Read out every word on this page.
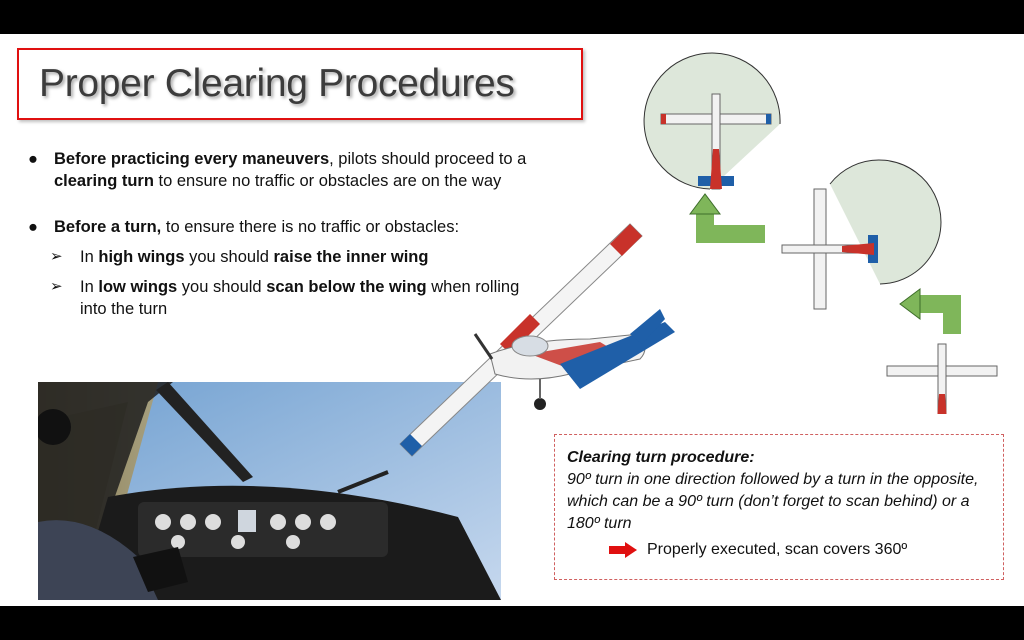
Proper Clearing Procedures
● Before practicing every maneuvers, pilots should proceed to a clearing turn to ensure no traffic or obstacles are on the way
● Before a turn, to ensure there is no traffic or obstacles:
➢ In high wings you should raise the inner wing
➢ In low wings you should scan below the wing when rolling into the turn
Clearing turn procedure:
90º turn in one direction followed by a turn in the opposite, which can be a 90º turn (don’t forget to scan behind) or a 180º turn
Properly executed, scan covers 360º
